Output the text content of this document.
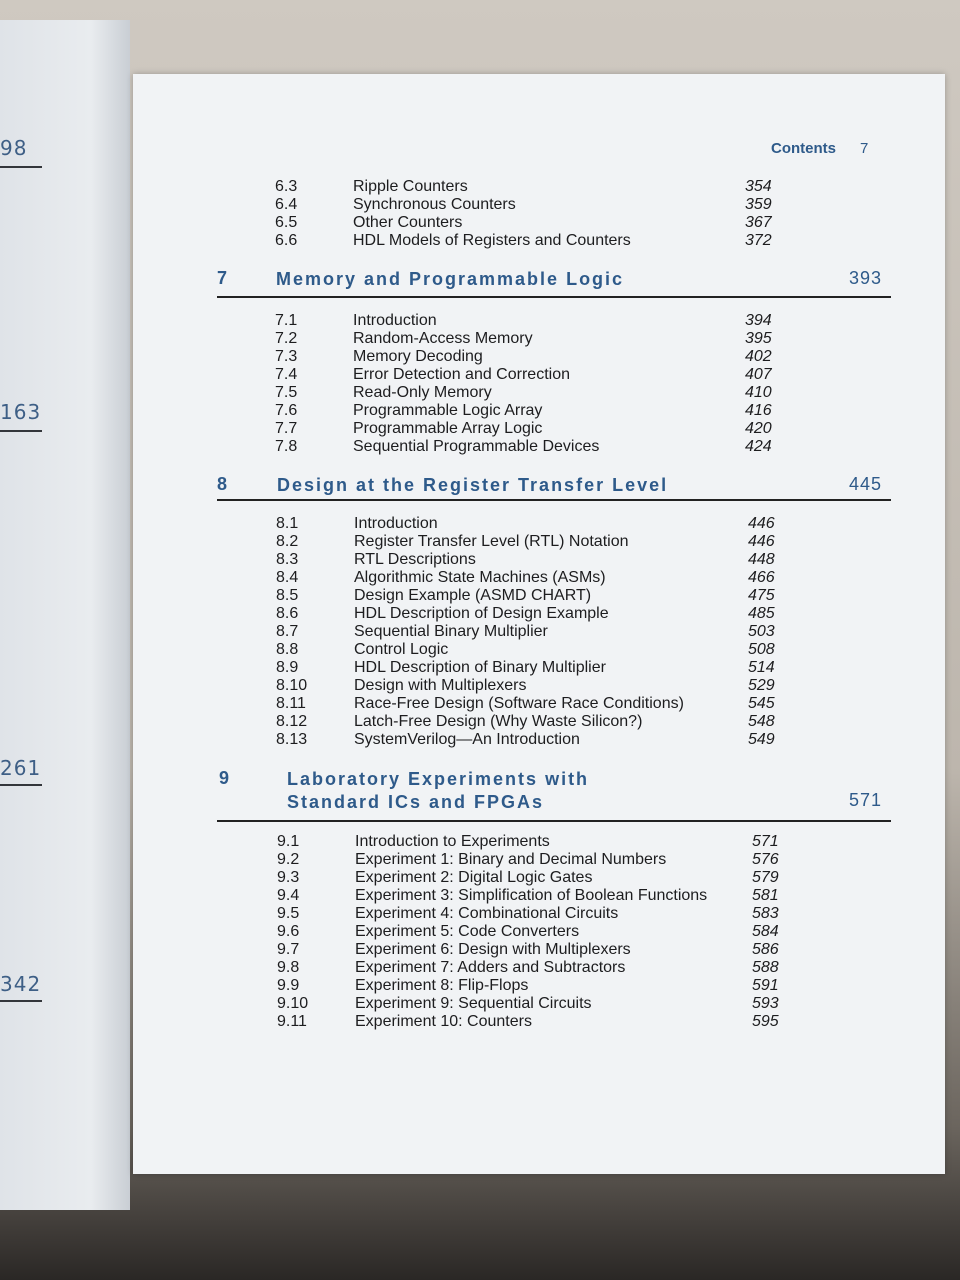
98
163
261
342
Contents 7
6.3	Ripple Counters	354
6.4	Synchronous Counters	359
6.5	Other Counters	367
6.6	HDL Models of Registers and Counters	372
7	Memory and Programmable Logic	393
7.1	Introduction	394
7.2	Random-Access Memory	395
7.3	Memory Decoding	402
7.4	Error Detection and Correction	407
7.5	Read-Only Memory	410
7.6	Programmable Logic Array	416
7.7	Programmable Array Logic	420
7.8	Sequential Programmable Devices	424
8	Design at the Register Transfer Level	445
8.1	Introduction	446
8.2	Register Transfer Level (RTL) Notation	446
8.3	RTL Descriptions	448
8.4	Algorithmic State Machines (ASMs)	466
8.5	Design Example (ASMD CHART)	475
8.6	HDL Description of Design Example	485
8.7	Sequential Binary Multiplier	503
8.8	Control Logic	508
8.9	HDL Description of Binary Multiplier	514
8.10	Design with Multiplexers	529
8.11	Race-Free Design (Software Race Conditions)	545
8.12	Latch-Free Design (Why Waste Silicon?)	548
8.13	SystemVerilog—An Introduction	549
9	Laboratory Experiments with
Standard ICs and FPGAs	571
9.1	Introduction to Experiments	571
9.2	Experiment 1: Binary and Decimal Numbers	576
9.3	Experiment 2: Digital Logic Gates	579
9.4	Experiment 3: Simplification of Boolean Functions	581
9.5	Experiment 4: Combinational Circuits	583
9.6	Experiment 5: Code Converters	584
9.7	Experiment 6: Design with Multiplexers	586
9.8	Experiment 7: Adders and Subtractors	588
9.9	Experiment 8: Flip-Flops	591
9.10	Experiment 9: Sequential Circuits	593
9.11	Experiment 10: Counters	595
